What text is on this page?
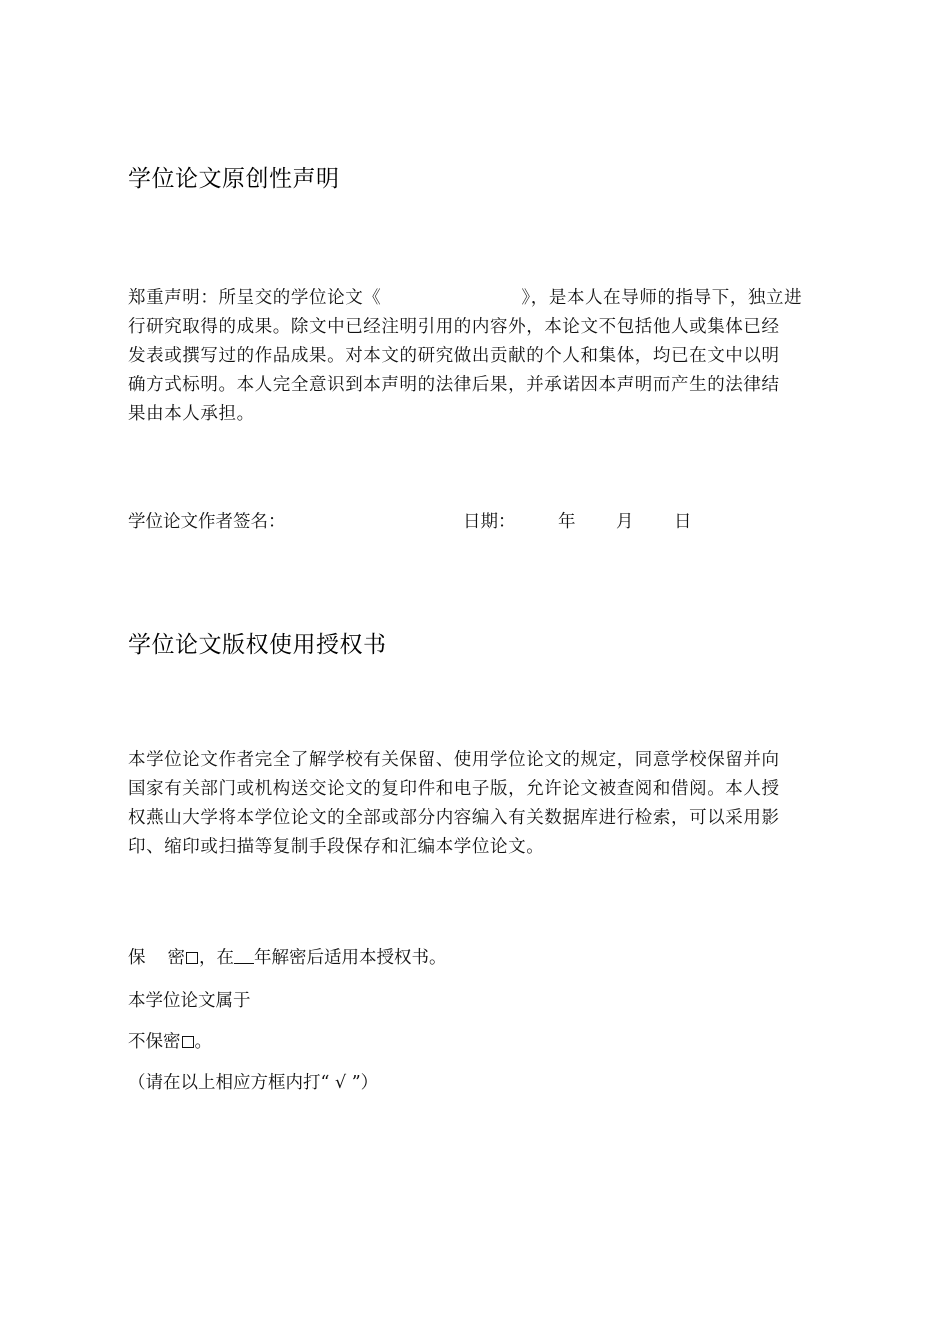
学位论文原创性声明
郑重声明：所呈交的学位论文《	》，是本人在导师的指导下，独立进
行研究取得的成果。除文中已经注明引用的内容外，本论文不包括他人或集体已经
发表或撰写过的作品成果。对本文的研究做出贡献的个人和集体，均已在文中以明
确方式标明。本人完全意识到本声明的法律后果，并承诺因本声明而产生的法律结
果由本人承担。
学位论文作者签名：	日期： 年 月 日
学位论文版权使用授权书
本学位论文作者完全了解学校有关保留、使用学位论文的规定，同意学校保留并向
国家有关部门或机构送交论文的复印件和电子版，允许论文被查阅和借阅。本人授
权燕山大学将本学位论文的全部或部分内容编入有关数据库进行检索，可以采用影
印、缩印或扫描等复制手段保存和汇编本学位论文。
保 密 ，在 年解密后适用本授权书。
本学位论文属于
不保密 。
（请在以上相应方框内打“ √ ”）
